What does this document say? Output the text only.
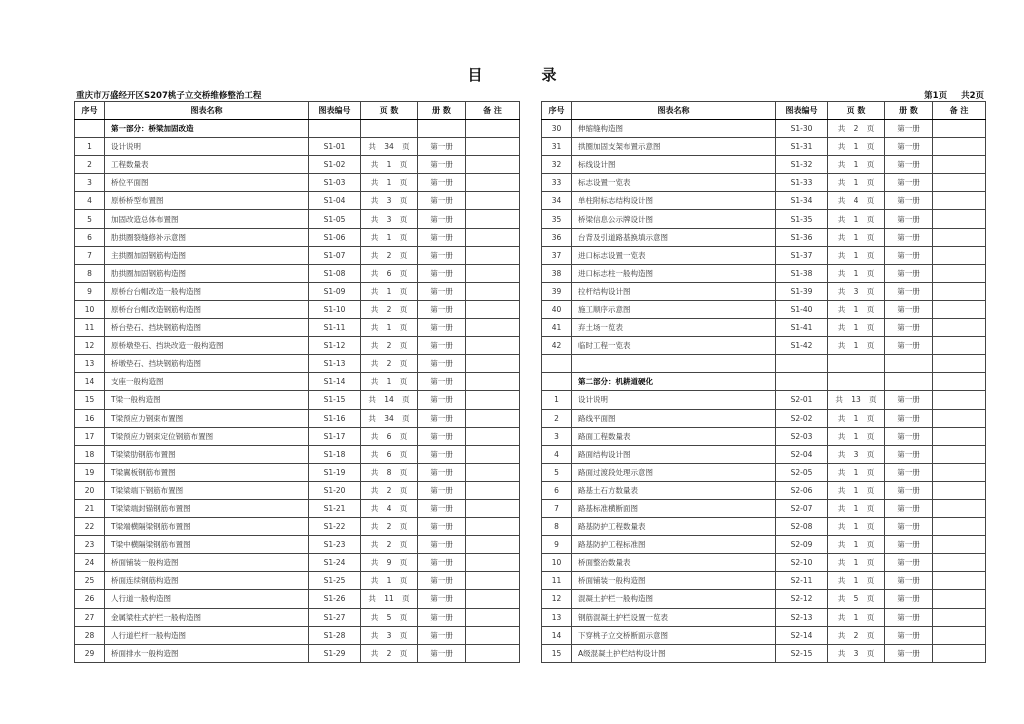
目　录
重庆市万盛经开区S207桃子立交桥维修整治工程	第1页 共2页
序号	图表名称	图表编号	页 数	册 数	备 注
	第一部分：桥梁加固改造				
1	设计说明	S1-01	共 34 页	第一册	
2	工程数量表	S1-02	共 1 页	第一册	
3	桥位平面图	S1-03	共 1 页	第一册	
4	原桥桥型布置图	S1-04	共 3 页	第一册	
5	加固改造总体布置图	S1-05	共 3 页	第一册	
6	肋拱圈裂缝修补示意图	S1-06	共 1 页	第一册	
7	主拱圈加固钢筋构造图	S1-07	共 2 页	第一册	
8	肋拱圈加固钢筋构造图	S1-08	共 6 页	第一册	
9	原桥台台帽改造一般构造图	S1-09	共 1 页	第一册	
10	原桥台台帽改造钢筋构造图	S1-10	共 2 页	第一册	
11	桥台垫石、挡块钢筋构造图	S1-11	共 1 页	第一册	
12	原桥墩垫石、挡块改造一般构造图	S1-12	共 2 页	第一册	
13	桥墩垫石、挡块钢筋构造图	S1-13	共 2 页	第一册	
14	支座一般构造图	S1-14	共 1 页	第一册	
15	T梁一般构造图	S1-15	共 14 页	第一册	
16	T梁预应力钢束布置图	S1-16	共 34 页	第一册	
17	T梁预应力钢束定位钢筋布置图	S1-17	共 6 页	第一册	
18	T梁梁肋钢筋布置图	S1-18	共 6 页	第一册	
19	T梁翼板钢筋布置图	S1-19	共 8 页	第一册	
20	T梁梁端下钢筋布置图	S1-20	共 2 页	第一册	
21	T梁梁端封锚钢筋布置图	S1-21	共 4 页	第一册	
22	T梁端横隔梁钢筋布置图	S1-22	共 2 页	第一册	
23	T梁中横隔梁钢筋布置图	S1-23	共 2 页	第一册	
24	桥面铺装一般构造图	S1-24	共 9 页	第一册	
25	桥面连续钢筋构造图	S1-25	共 1 页	第一册	
26	人行道一般构造图	S1-26	共 11 页	第一册	
27	金属梁柱式护栏一般构造图	S1-27	共 5 页	第一册	
28	人行道栏杆一般构造图	S1-28	共 3 页	第一册	
29	桥面排水一般构造图	S1-29	共 2 页	第一册	
序号	图表名称	图表编号	页 数	册 数	备 注
30	伸缩缝构造图	S1-30	共 2 页	第一册	
31	拱圈加固支架布置示意图	S1-31	共 1 页	第一册	
32	标线设计图	S1-32	共 1 页	第一册	
33	标志设置一览表	S1-33	共 1 页	第一册	
34	单柱附标志结构设计图	S1-34	共 4 页	第一册	
35	桥梁信息公示牌设计图	S1-35	共 1 页	第一册	
36	台背及引道路基换填示意图	S1-36	共 1 页	第一册	
37	进口标志设置一览表	S1-37	共 1 页	第一册	
38	进口标志柱一般构造图	S1-38	共 1 页	第一册	
39	拉杆结构设计图	S1-39	共 3 页	第一册	
40	施工顺序示意图	S1-40	共 1 页	第一册	
41	弃土场一览表	S1-41	共 1 页	第一册	
42	临时工程一览表	S1-42	共 1 页	第一册	

	第二部分：机耕道硬化				
1	设计说明	S2-01	共 13 页	第一册	
2	路线平面图	S2-02	共 1 页	第一册	
3	路面工程数量表	S2-03	共 1 页	第一册	
4	路面结构设计图	S2-04	共 3 页	第一册	
5	路面过渡段处理示意图	S2-05	共 1 页	第一册	
6	路基土石方数量表	S2-06	共 1 页	第一册	
7	路基标准横断面图	S2-07	共 1 页	第一册	
8	路基防护工程数量表	S2-08	共 1 页	第一册	
9	路基防护工程标准图	S2-09	共 1 页	第一册	
10	桥面整治数量表	S2-10	共 1 页	第一册	
11	桥面铺装一般构造图	S2-11	共 1 页	第一册	
12	混凝土护栏一般构造图	S2-12	共 5 页	第一册	
13	钢筋混凝土护栏设置一览表	S2-13	共 1 页	第一册	
14	下穿桃子立交桥断面示意图	S2-14	共 2 页	第一册	
15	A级混凝土护栏结构设计图	S2-15	共 3 页	第一册	
